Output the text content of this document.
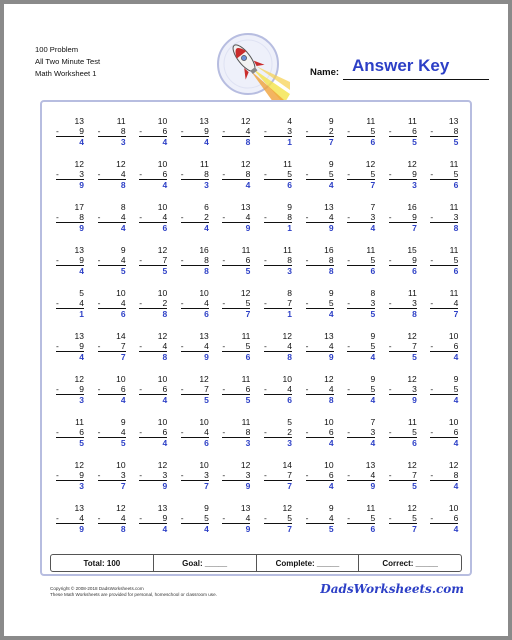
100 Problem
All Two Minute Test
Math Worksheet 1	Name: Answer Key
13
-	9
4
11
-	8
3
10
-	6
4
13
-	9
4
12
-	4
8
4
-	3
1
9
-	2
7
11
-	5
6
11
-	6
5
13
-	8
5
12
-	3
9
12
-	4
8
10
-	6
4
11
-	8
3
12
-	8
4
11
-	5
6
9
-	5
4
12
-	5
7
12
-	9
3
11
-	5
6
17
-	8
9
8
-	4
4
10
-	4
6
6
-	2
4
13
-	4
9
9
-	8
1
13
-	4
9
7
-	3
4
16
-	9
7
11
-	3
8
13
-	9
4
9
-	4
5
12
-	7
5
16
-	8
8
11
-	6
5
11
-	8
3
16
-	8
8
11
-	5
6
15
-	9
6
11
-	5
6
5
-	4
1
10
-	4
6
10
-	2
8
10
-	4
6
12
-	5
7
8
-	7
1
9
-	5
4
8
-	3
5
11
-	3
8
11
-	4
7
13
-	9
4
14
-	7
7
12
-	4
8
13
-	4
9
11
-	5
6
12
-	4
8
13
-	4
9
9
-	5
4
12
-	7
5
10
-	6
4
12
-	9
3
10
-	6
4
10
-	6
4
12
-	7
5
11
-	6
5
10
-	4
6
12
-	4
8
9
-	5
4
12
-	3
9
9
-	5
4
11
-	6
5
9
-	4
5
10
-	6
4
10
-	4
6
11
-	8
3
5
-	2
3
10
-	6
4
7
-	3
4
11
-	5
6
10
-	6
4
12
-	9
3
10
-	3
7
12
-	3
9
10
-	3
7
12
-	3
9
14
-	7
7
10
-	6
4
13
-	4
9
12
-	7
5
12
-	8
4
13
-	4
9
12
-	4
8
13
-	9
4
9
-	5
4
13
-	4
9
12
-	5
7
9
-	4
5
11
-	5
6
12
-	5
7
10
-	6
4
Total: 100	Goal: _____	Complete: _____	Correct: _____
Copyright © 2008-2018 DadsWorksheets.com
These Math Worksheets are provided for personal, homeschool or classroom use.	DadsWorksheets.com
